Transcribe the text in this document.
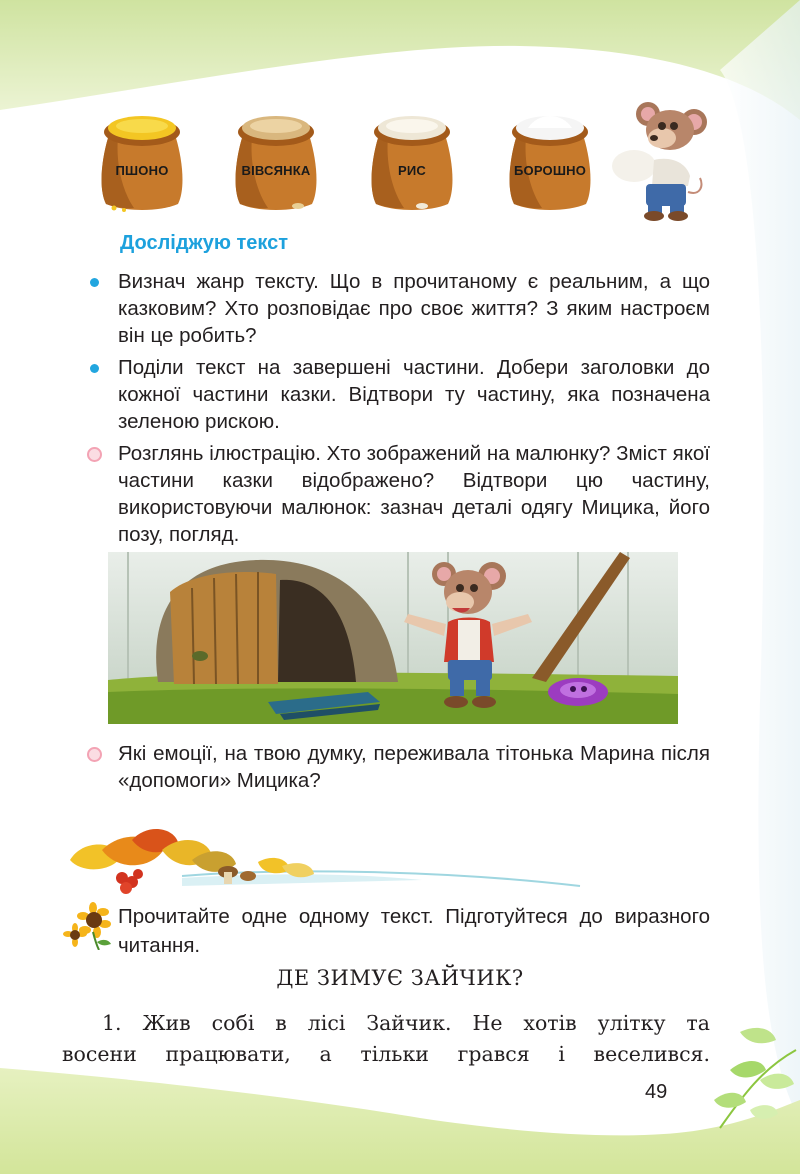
ПШОНО	ВІВСЯНКА	РИС	БОРОШНО
Досліджую текст
Визнач жанр тексту. Що в прочитаному є реальним, а що казковим? Хто розповідає про своє життя? З яким настроєм він це робить?
Поділи текст на завершені частини. Добери заголовки до кожної частини казки. Відтвори ту частину, яка позначена зеленою рискою.
Розглянь ілюстрацію. Хто зображений на малюнку? Зміст якої частини казки відображено? Відтвори цю частину, використовуючи малюнок: зазнач деталі одягу Мицика, його позу, погляд.
Які емоції, на твою думку, переживала тітонька Марина після «допомоги» Мицика?
Прочитайте одне одному текст. Підготуйтеся до виразного читання.
ДЕ ЗИМУЄ ЗАЙЧИК?
1. Жив собі в лісі Зайчик. Не хотів улітку та
восени працювати, а тільки грався і веселився.
49
